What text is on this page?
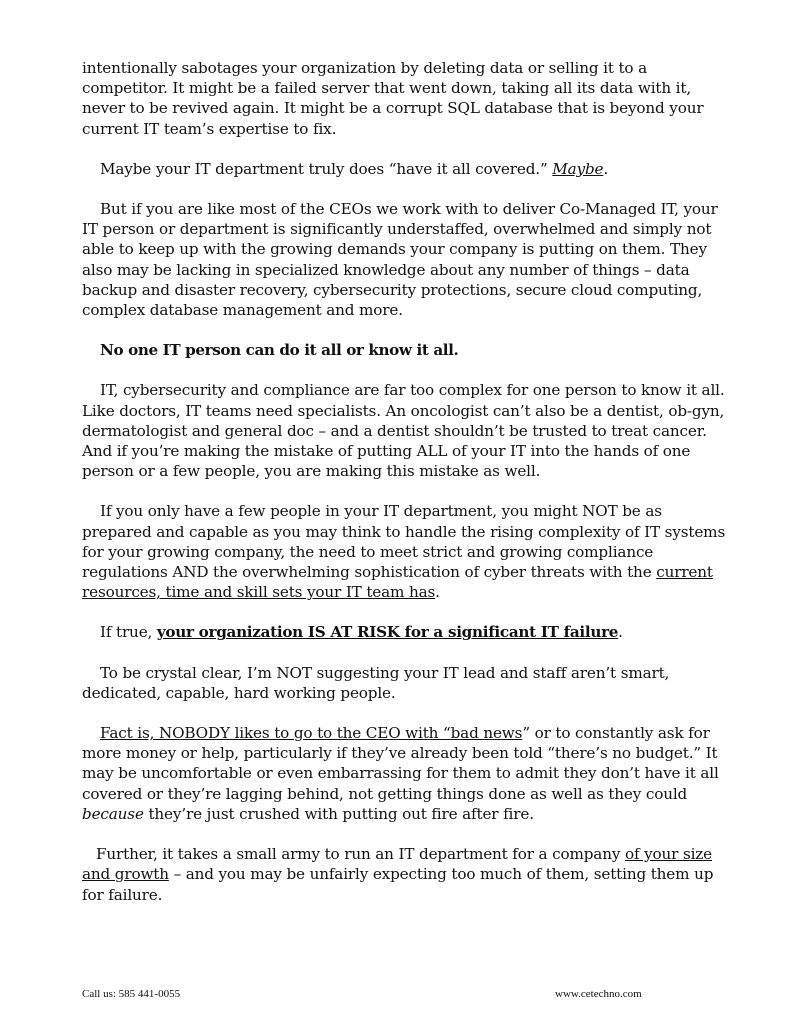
intentionally sabotages your organization by deleting data or selling it to a competitor. It might be a failed server that went down, taking all its data with it, never to be revived again. It might be a corrupt SQL database that is beyond your current IT team’s expertise to fix.

Maybe your IT department truly does “have it all covered.” Maybe.

But if you are like most of the CEOs we work with to deliver Co-Managed IT, your IT person or department is significantly understaffed, overwhelmed and simply not able to keep up with the growing demands your company is putting on them. They also may be lacking in specialized knowledge about any number of things – data backup and disaster recovery, cybersecurity protections, secure cloud computing, complex database management and more.

No one IT person can do it all or know it all.

IT, cybersecurity and compliance are far too complex for one person to know it all. Like doctors, IT teams need specialists. An oncologist can’t also be a dentist, ob-gyn, dermatologist and general doc – and a dentist shouldn’t be trusted to treat cancer. And if you’re making the mistake of putting ALL of your IT into the hands of one person or a few people, you are making this mistake as well.

If you only have a few people in your IT department, you might NOT be as prepared and capable as you may think to handle the rising complexity of IT systems for your growing company, the need to meet strict and growing compliance regulations AND the overwhelming sophistication of cyber threats with the current resources, time and skill sets your IT team has.

If true, your organization IS AT RISK for a significant IT failure.

To be crystal clear, I’m NOT suggesting your IT lead and staff aren’t smart, dedicated, capable, hard working people.

Fact is, NOBODY likes to go to the CEO with “bad news” or to constantly ask for more money or help, particularly if they’ve already been told “there’s no budget.” It may be uncomfortable or even embarrassing for them to admit they don’t have it all covered or they’re lagging behind, not getting things done as well as they could because they’re just crushed with putting out fire after fire.

Further, it takes a small army to run an IT department for a company of your size and growth – and you may be unfairly expecting too much of them, setting them up for failure.

Call us: 585 441-0055	www.cetechno.com
